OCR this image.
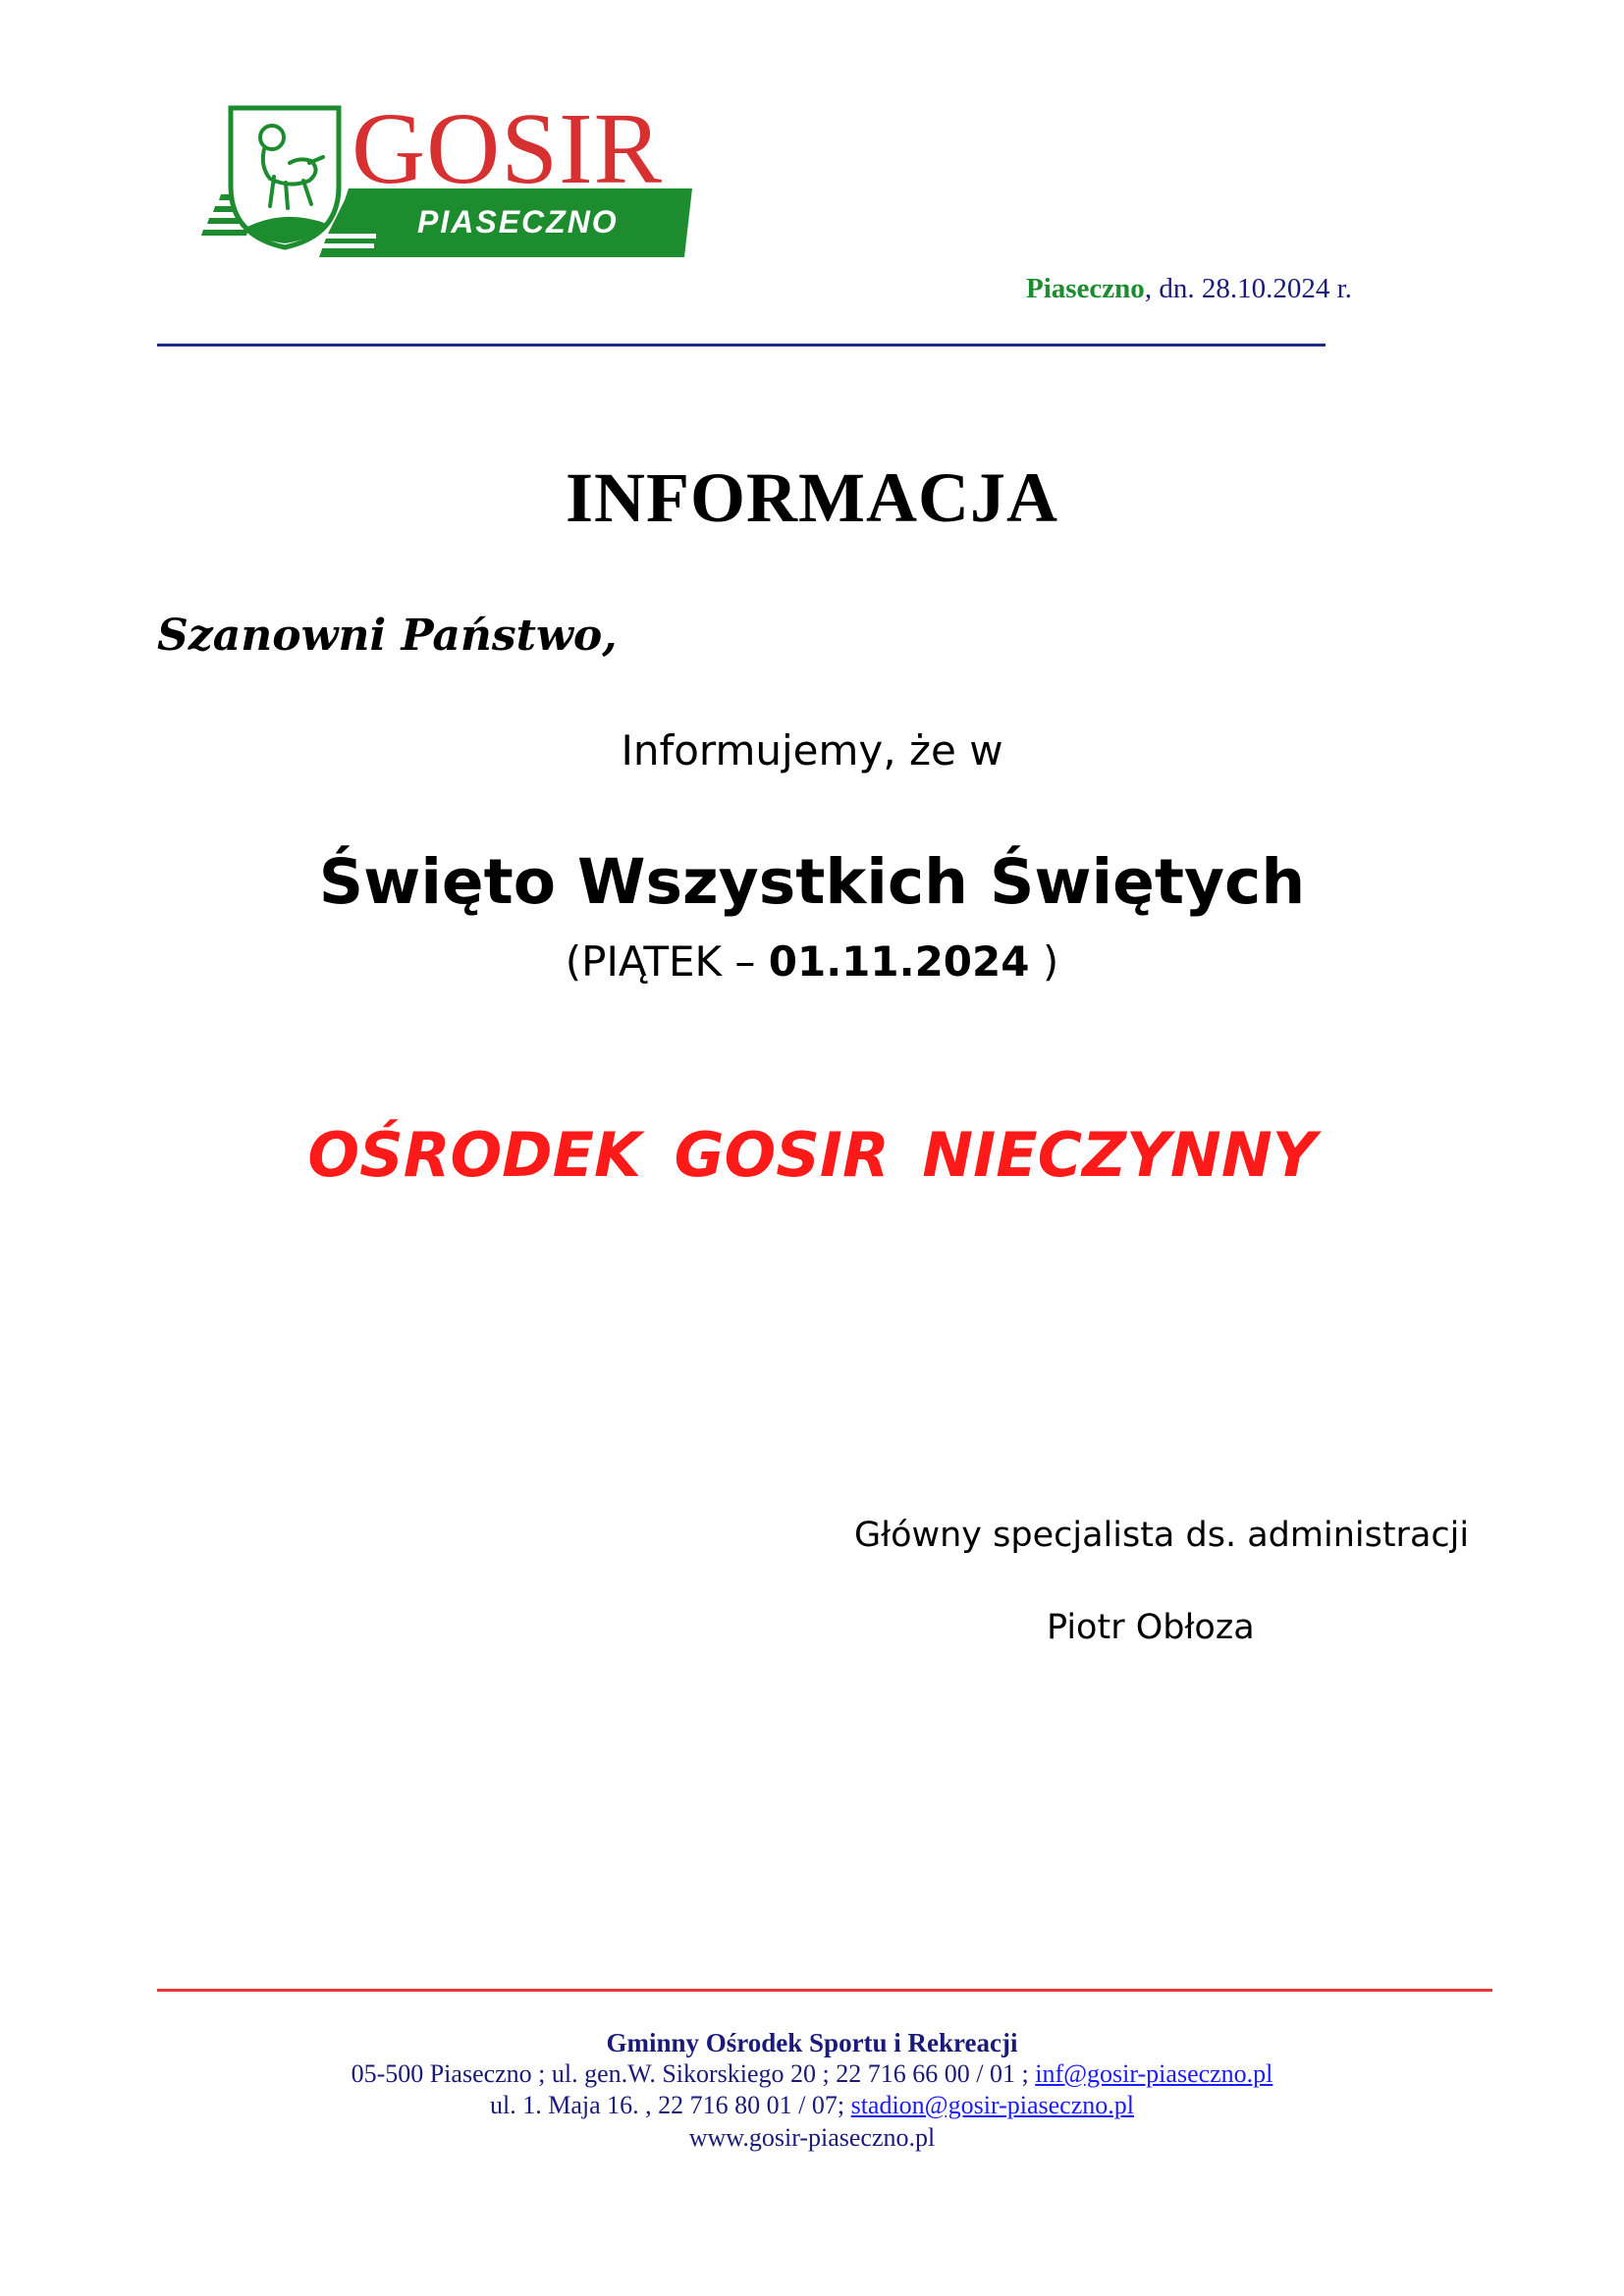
GOSIR
PIASECZNO
Piaseczno, dn. 28.10.2024 r.
INFORMACJA
Szanowni Państwo,
Informujemy, że w
Święto Wszystkich Świętych
(PIĄTEK – 01.11.2024 )
OŚRODEK GOSIR NIECZYNNY
Główny specjalista ds. administracji
Piotr Obłoza
Gminny Ośrodek Sportu i Rekreacji
05-500 Piaseczno ; ul. gen.W. Sikorskiego 20 ; 22 716 66 00 / 01 ; inf@gosir-piaseczno.pl
ul. 1. Maja 16. , 22 716 80 01 / 07; stadion@gosir-piaseczno.pl
www.gosir-piaseczno.pl
